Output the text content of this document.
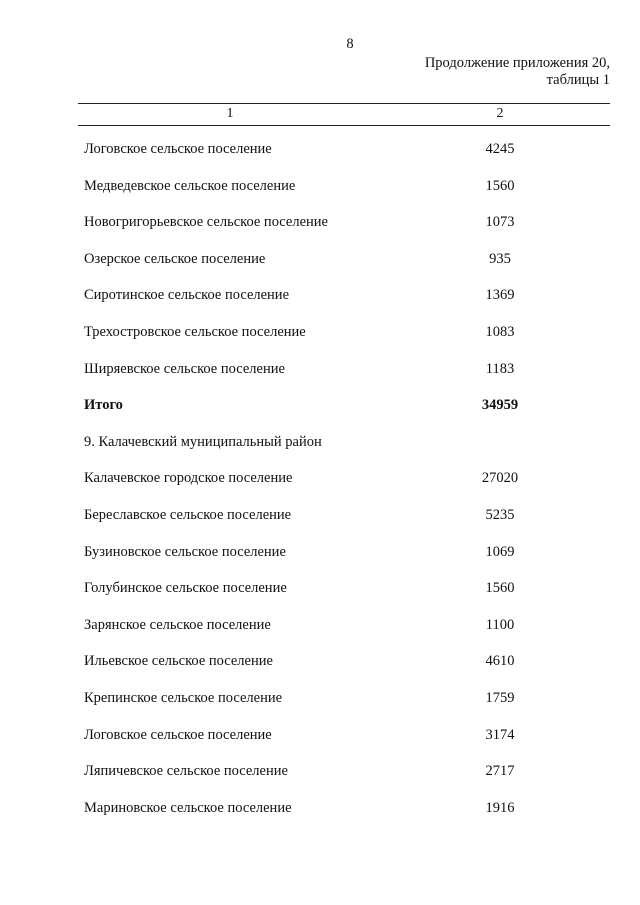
8
Продолжение приложения 20,
таблицы 1
1	2
Логовское сельское поселение	4245
Медведевское сельское поселение	1560
Новогригорьевское сельское поселение	1073
Озерское сельское поселение	935
Сиротинское сельское поселение	1369
Трехостровское сельское поселение	1083
Ширяевское сельское поселение	1183
Итого	34959
9. Калачевский муниципальный район
Калачевское городское поселение	27020
Береславское сельское поселение	5235
Бузиновское сельское поселение	1069
Голубинское сельское поселение	1560
Зарянское сельское поселение	1100
Ильевское сельское поселение	4610
Крепинское сельское поселение	1759
Логовское сельское поселение	3174
Ляпичевское сельское поселение	2717
Мариновское сельское поселение	1916
